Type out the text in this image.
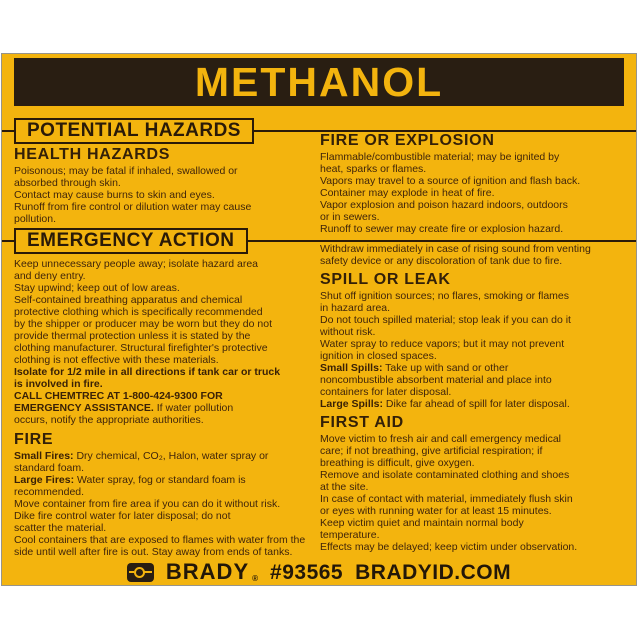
METHANOL
POTENTIAL HAZARDS
HEALTH HAZARDS
Poisonous; may be fatal if inhaled, swallowed or
absorbed through skin.
Contact may cause burns to skin and eyes.
Runoff from fire control or dilution water may cause
pollution.
EMERGENCY ACTION
Keep unnecessary people away; isolate hazard area
and deny entry.
Stay upwind; keep out of low areas.
Self-contained breathing apparatus and chemical
protective clothing which is specifically recommended
by the shipper or producer may be worn but they do not
provide thermal protection unless it is stated by the
clothing manufacturer. Structural firefighter's protective
clothing is not effective with these materials.
Isolate for 1/2 mile in all directions if tank car or truck
is involved in fire.
CALL CHEMTREC AT 1-800-424-9300 FOR
EMERGENCY ASSISTANCE. If water pollution
occurs, notify the appropriate authorities.
FIRE
Small Fires: Dry chemical, CO₂, Halon, water spray or
standard foam.
Large Fires: Water spray, fog or standard foam is
recommended.
Move container from fire area if you can do it without risk.
Dike fire control water for later disposal; do not
scatter the material.
Cool containers that are exposed to flames with water from the
side until well after fire is out. Stay away from ends of tanks.
FIRE OR EXPLOSION
Flammable/combustible material; may be ignited by
heat, sparks or flames.
Vapors may travel to a source of ignition and flash back.
Container may explode in heat of fire.
Vapor explosion and poison hazard indoors, outdoors
or in sewers.
Runoff to sewer may create fire or explosion hazard.
Withdraw immediately in case of rising sound from venting
safety device or any discoloration of tank due to fire.
SPILL OR LEAK
Shut off ignition sources; no flares, smoking or flames
in hazard area.
Do not touch spilled material; stop leak if you can do it
without risk.
Water spray to reduce vapors; but it may not prevent
ignition in closed spaces.
Small Spills: Take up with sand or other
noncombustible absorbent material and place into
containers for later disposal.
Large Spills: Dike far ahead of spill for later disposal.
FIRST AID
Move victim to fresh air and call emergency medical
care; if not breathing, give artificial respiration; if
breathing is difficult, give oxygen.
Remove and isolate contaminated clothing and shoes
at the site.
In case of contact with material, immediately flush skin
or eyes with running water for at least 15 minutes.
Keep victim quiet and maintain normal body
temperature.
Effects may be delayed; keep victim under observation.
BRADY ® #93565 BRADYID.COM
